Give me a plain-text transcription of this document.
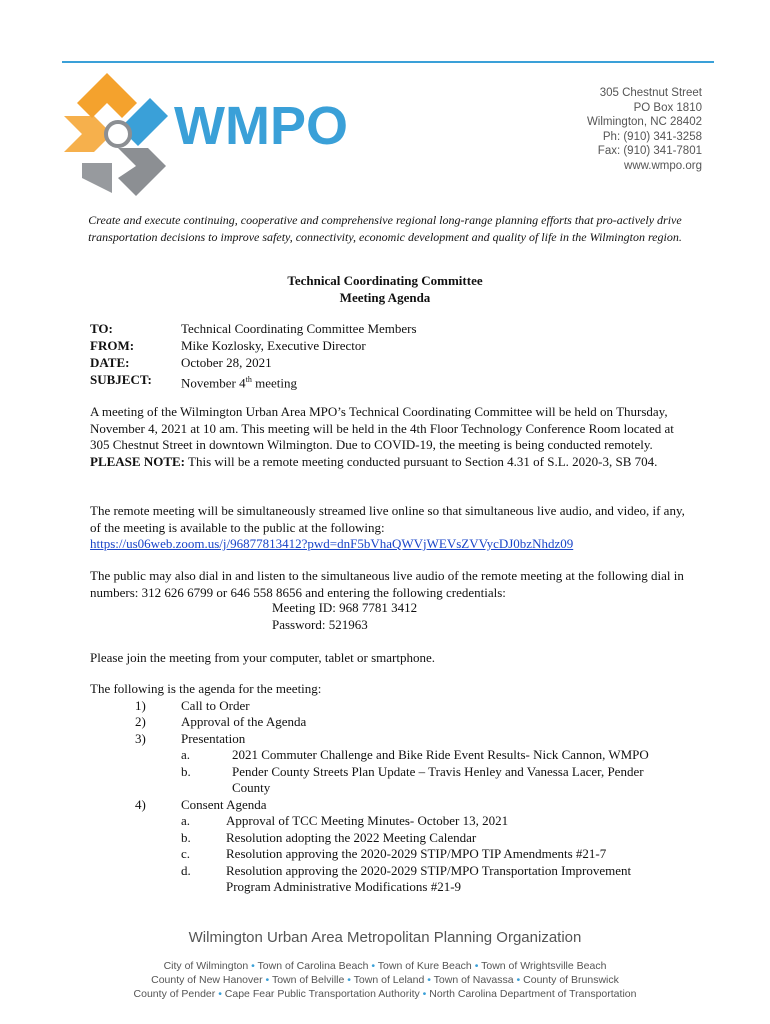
WMPO
305 Chestnut Street
PO Box 1810
Wilmington, NC 28402
Ph: (910) 341-3258
Fax: (910) 341-7801
www.wmpo.org
Create and execute continuing, cooperative and comprehensive regional long-range planning efforts that pro-actively drive transportation decisions to improve safety, connectivity, economic development and quality of life in the Wilmington region.
Technical Coordinating Committee
Meeting Agenda
TO:	Technical Coordinating Committee Members
FROM:	Mike Kozlosky, Executive Director
DATE:	October 28, 2021
SUBJECT: November 4th meeting

A meeting of the Wilmington Urban Area MPO’s Technical Coordinating Committee will be held on Thursday, November 4, 2021 at 10 am. This meeting will be held in the 4th Floor Technology Conference Room located at 305 Chestnut Street in downtown Wilmington. Due to COVID-19, the meeting is being conducted remotely. PLEASE NOTE: This will be a remote meeting conducted pursuant to Section 4.31 of S.L. 2020-3, SB 704.

The remote meeting will be simultaneously streamed live online so that simultaneous live audio, and video, if any, of the meeting is available to the public at the following:
https://us06web.zoom.us/j/96877813412?pwd=dnF5bVhaQWVjWEVsZVVycDJ0bzNhdz09

The public may also dial in and listen to the simultaneous live audio of the remote meeting at the following dial in numbers: 312 626 6799 or 646 558 8656 and entering the following credentials:
Meeting ID: 968 7781 3412
Password: 521963
Please join the meeting from your computer, tablet or smartphone.
The following is the agenda for the meeting:
1)	Call to Order
2)	Approval of the Agenda
3)	Presentation
a.	2021 Commuter Challenge and Bike Ride Event Results- Nick Cannon, WMPO
b.	Pender County Streets Plan Update – Travis Henley and Vanessa Lacer, Pender
County
4)	Consent Agenda
a.	Approval of TCC Meeting Minutes- October 13, 2021
b.	Resolution adopting the 2022 Meeting Calendar
c.	Resolution approving the 2020-2029 STIP/MPO TIP Amendments #21-7
d.	Resolution approving the 2020-2029 STIP/MPO Transportation Improvement
Program Administrative Modifications #21-9
Wilmington Urban Area Metropolitan Planning Organization
City of Wilmington • Town of Carolina Beach • Town of Kure Beach • Town of Wrightsville Beach
County of New Hanover • Town of Belville • Town of Leland • Town of Navassa • County of Brunswick
County of Pender • Cape Fear Public Transportation Authority • North Carolina Department of Transportation
